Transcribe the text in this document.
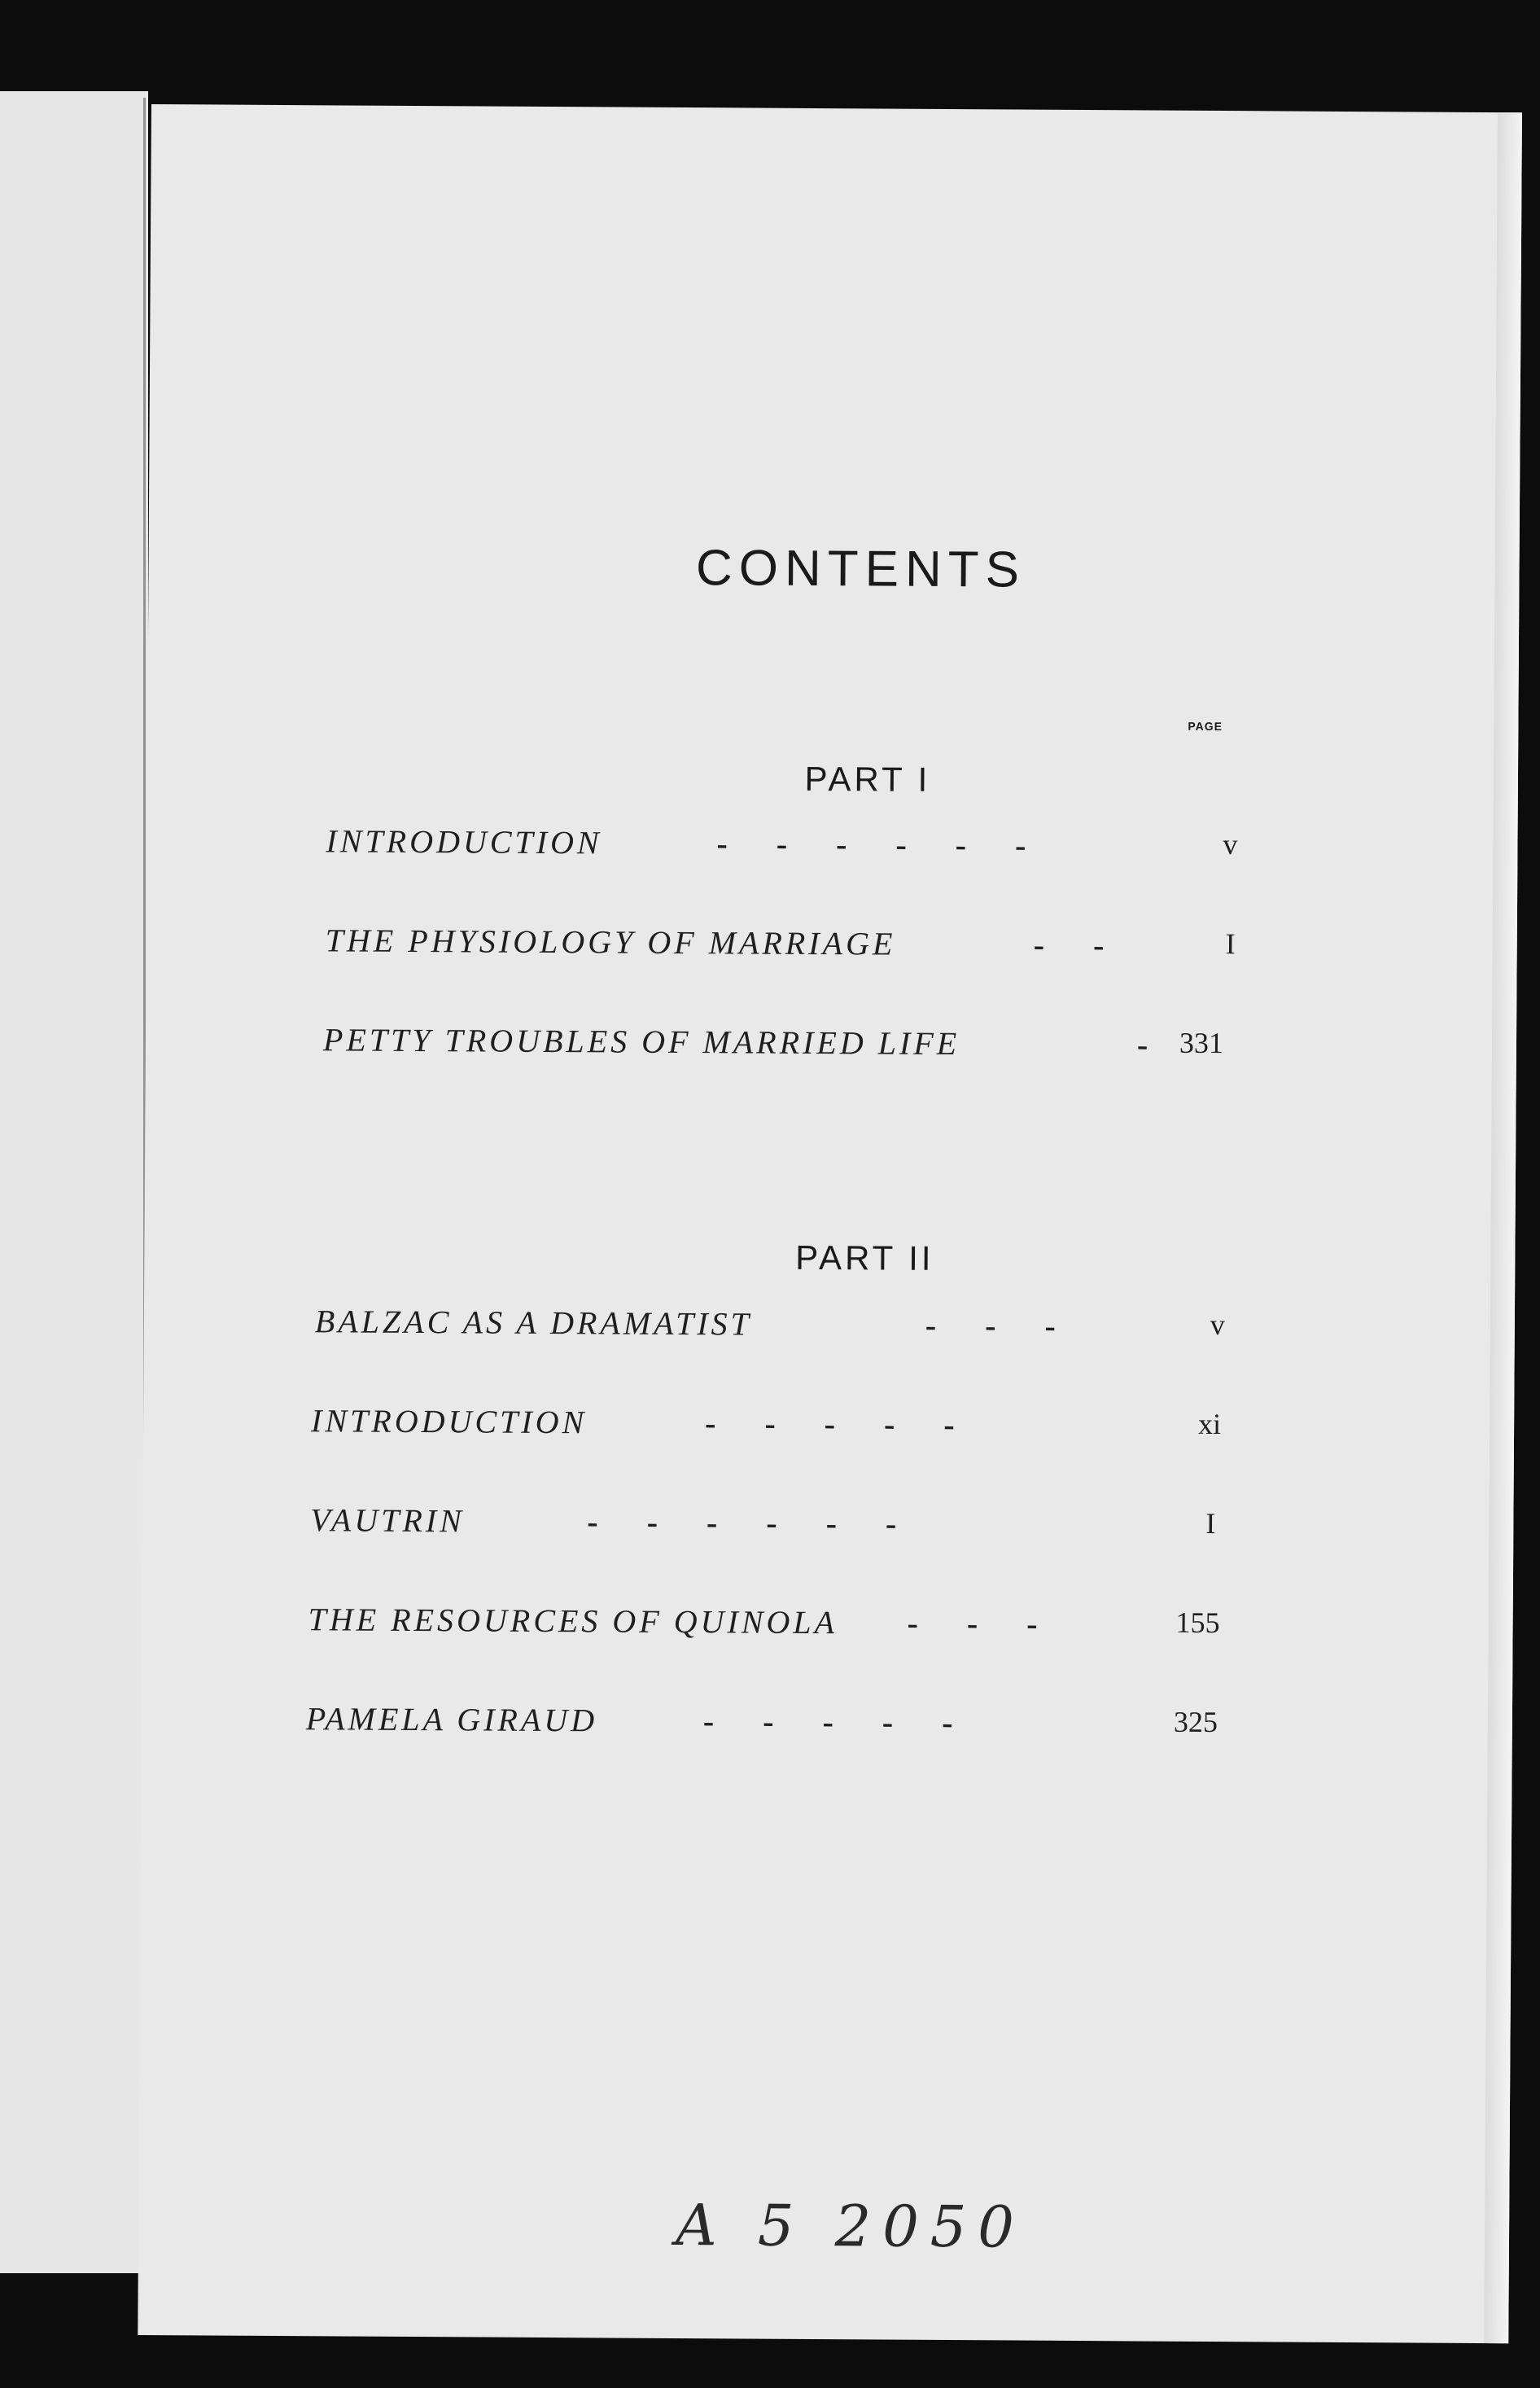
CONTENTS
PART I
PAGE
INTRODUCTION	-      -      -      -      -      -	v
THE PHYSIOLOGY OF MARRIAGE	-      -	I
PETTY TROUBLES OF MARRIED LIFE	- 331
PART II
BALZAC AS A DRAMATIST	-      -      -	v
INTRODUCTION	-      -      -      -      -	xi
VAUTRIN	-      -      -      -      -      -	I
THE RESOURCES OF QUINOLA -      -      -	155
PAMELA GIRAUD	-      -      -      -      -	325
A 5 2050
